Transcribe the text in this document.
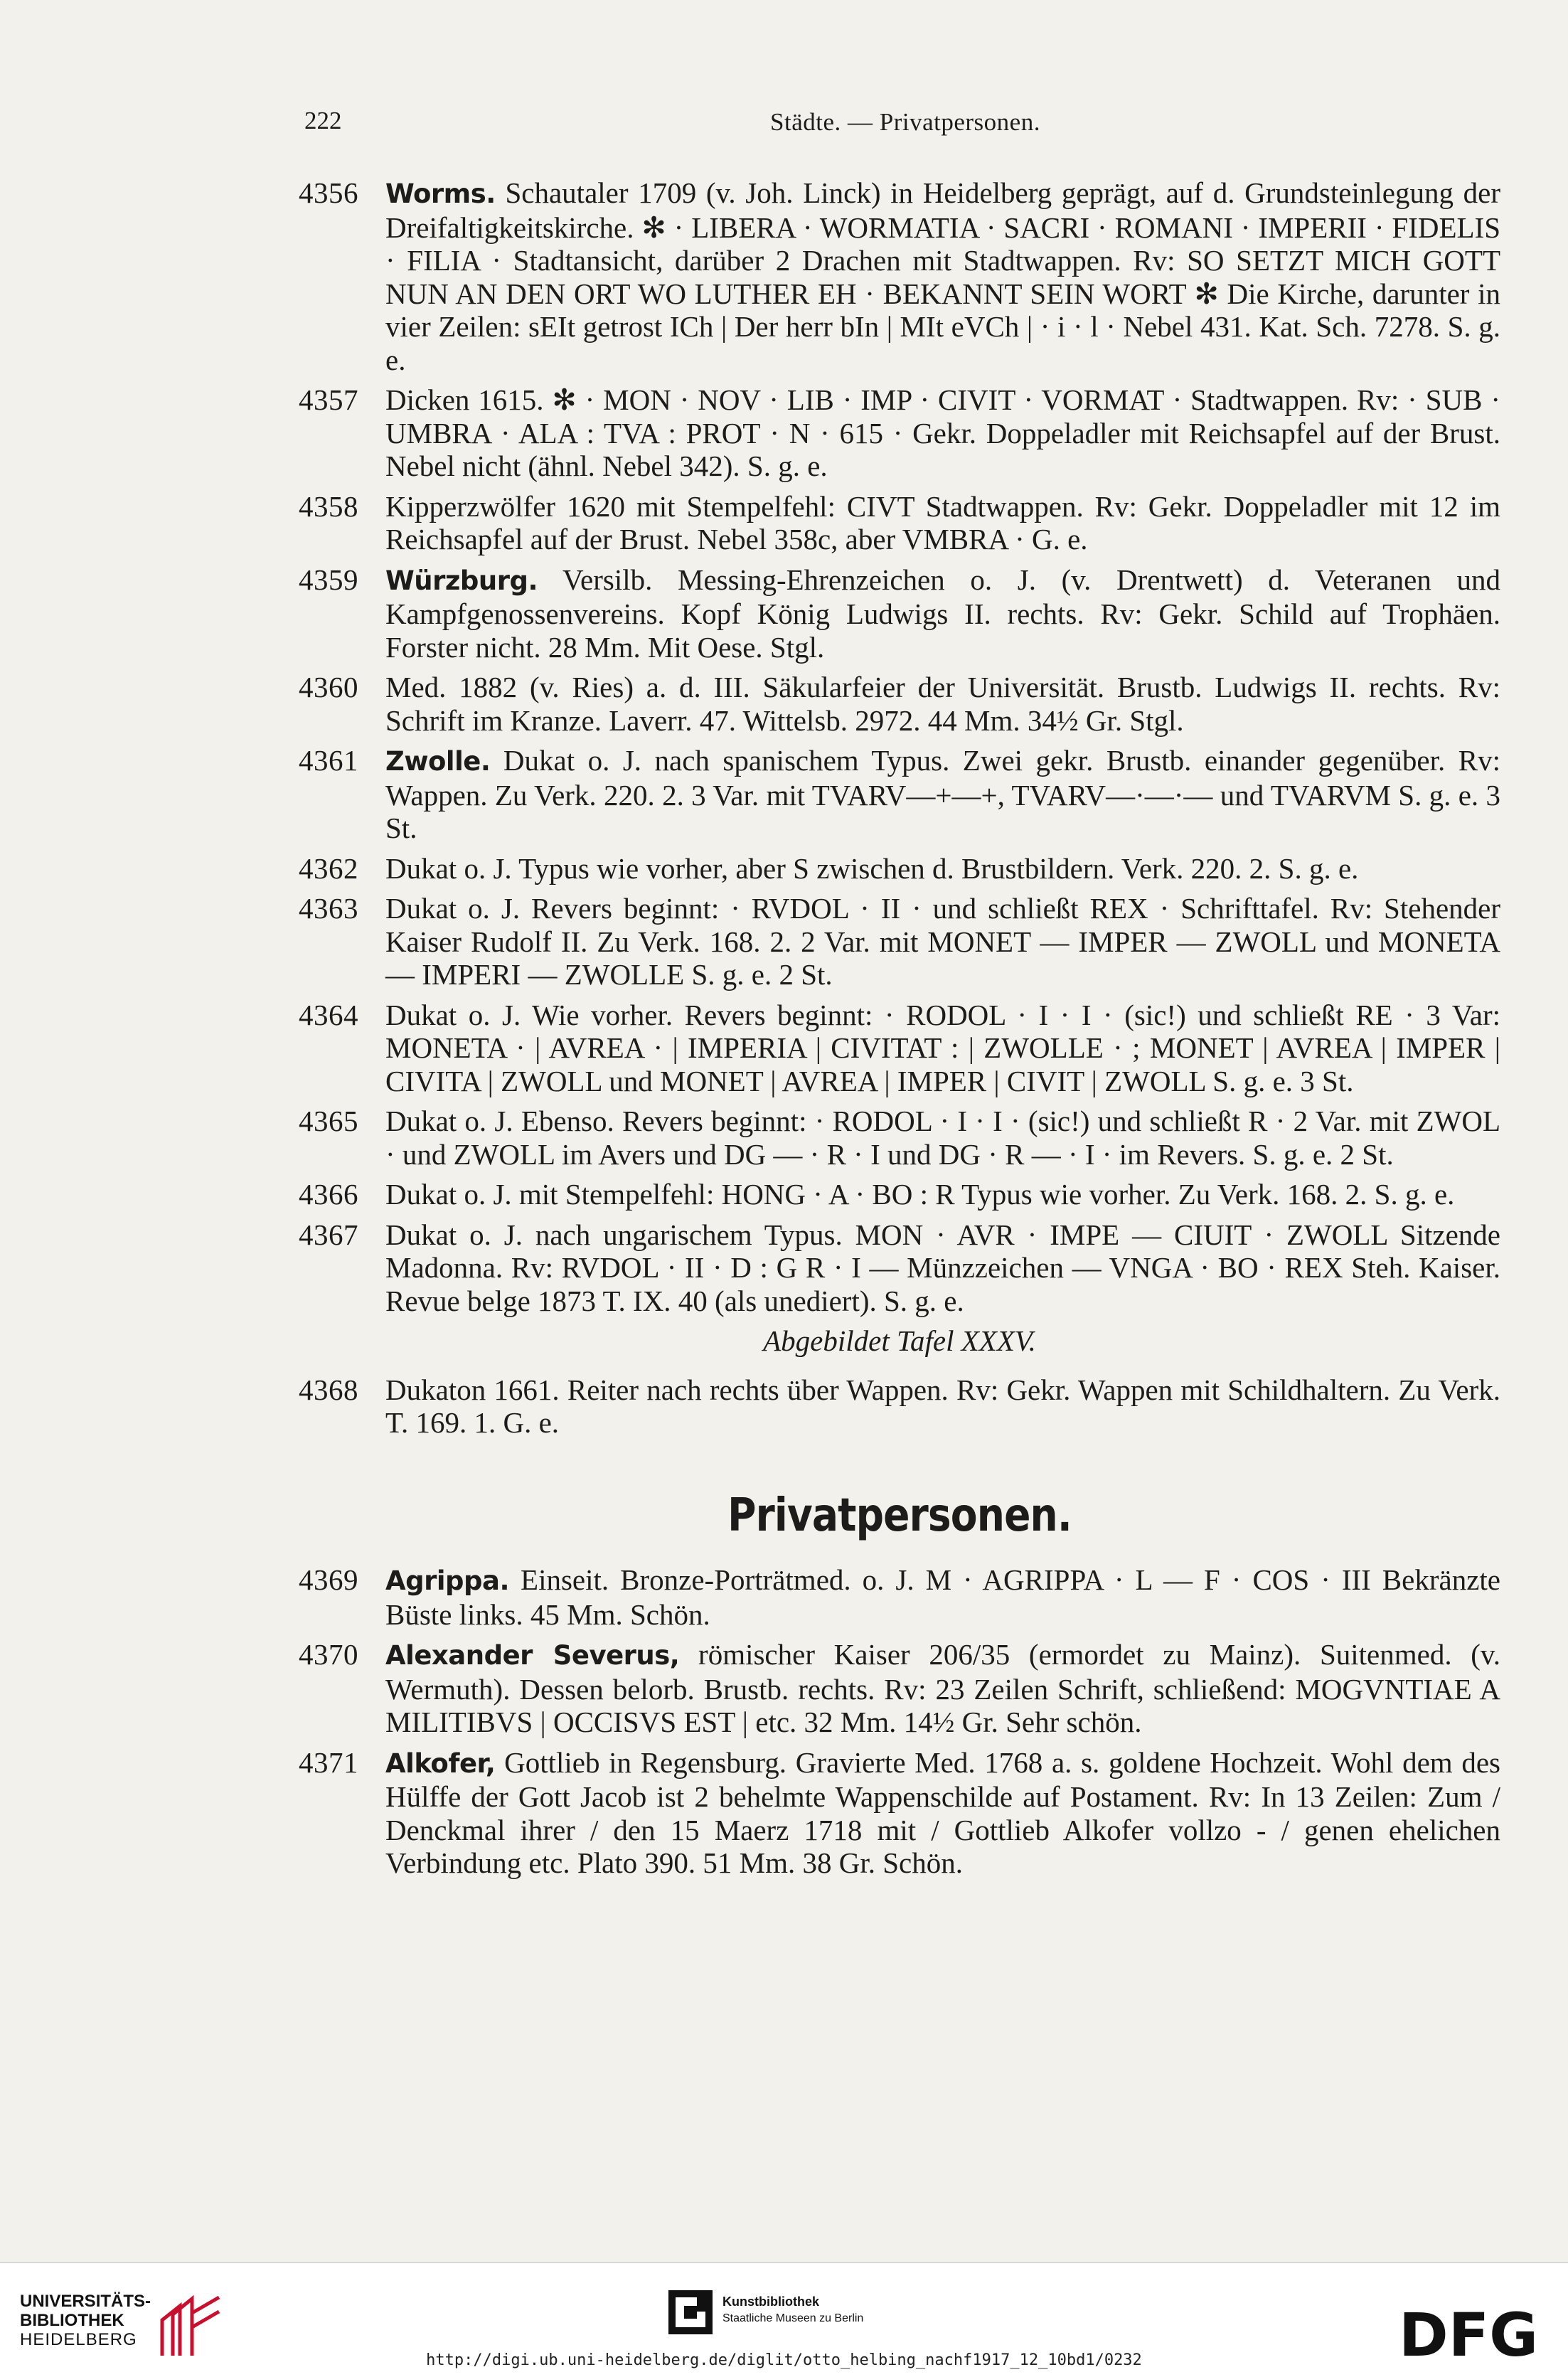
222	Städte. — Privatpersonen.
4356 Worms. Schautaler 1709 (v. Joh. Linck) in Heidelberg geprägt, auf d. Grundsteinlegung der Dreifaltigkeitskirche. ✻ · LIBERA · WORMATIA · SACRI · ROMANI · IMPERII · FIDELIS · FILIA · Stadtansicht, darüber 2 Drachen mit Stadtwappen. Rv: SO SETZT MICH GOTT NUN AN DEN ORT WO LUTHER EH · BEKANNT SEIN WORT ✻ Die Kirche, darunter in vier Zeilen: sEIt getrost ICh | Der herr bIn | MIt eVCh | · i · l · Nebel 431. Kat. Sch. 7278. S. g. e.
4357 Dicken 1615. ✻ · MON · NOV · LIB · IMP · CIVIT · VORMAT · Stadtwappen. Rv: · SUB · UMBRA · ALA : TVA : PROT · N · 615 · Gekr. Doppeladler mit Reichsapfel auf der Brust. Nebel nicht (ähnl. Nebel 342). S. g. e.
4358 Kipperzwölfer 1620 mit Stempelfehl: CIVT Stadtwappen. Rv: Gekr. Doppeladler mit 12 im Reichsapfel auf der Brust. Nebel 358c, aber VMBRA · G. e.
4359 Würzburg. Versilb. Messing-Ehrenzeichen o. J. (v. Drentwett) d. Veteranen und Kampfgenossenvereins. Kopf König Ludwigs II. rechts. Rv: Gekr. Schild auf Trophäen. Forster nicht. 28 Mm. Mit Oese. Stgl.
4360 Med. 1882 (v. Ries) a. d. III. Säkularfeier der Universität. Brustb. Ludwigs II. rechts. Rv: Schrift im Kranze. Laverr. 47. Wittelsb. 2972. 44 Mm. 34½ Gr. Stgl.
4361 Zwolle. Dukat o. J. nach spanischem Typus. Zwei gekr. Brustb. einander gegenüber. Rv: Wappen. Zu Verk. 220. 2. 3 Var. mit TVARV—+—+, TVARV—·—·— und TVARVM S. g. e. 3 St.
4362 Dukat o. J. Typus wie vorher, aber S zwischen d. Brustbildern. Verk. 220. 2. S. g. e.
4363 Dukat o. J. Revers beginnt: · RVDOL · II · und schließt REX · Schrifttafel. Rv: Stehender Kaiser Rudolf II. Zu Verk. 168. 2. 2 Var. mit MONET — IMPER — ZWOLL und MONETA — IMPERI — ZWOLLE S. g. e. 2 St.
4364 Dukat o. J. Wie vorher. Revers beginnt: · RODOL · I · I · (sic!) und schließt RE · 3 Var: MONETA · | AVREA · | IMPERIA | CIVITAT : | ZWOLLE · ; MONET | AVREA | IMPER | CIVITA | ZWOLL und MONET | AVREA | IMPER | CIVIT | ZWOLL S. g. e. 3 St.
4365 Dukat o. J. Ebenso. Revers beginnt: · RODOL · I · I · (sic!) und schließt R · 2 Var. mit ZWOL · und ZWOLL im Avers und DG — · R · I und DG · R — · I · im Revers. S. g. e. 2 St.
4366 Dukat o. J. mit Stempelfehl: HONG · A · BO : R Typus wie vorher. Zu Verk. 168. 2. S. g. e.
4367 Dukat o. J. nach ungarischem Typus. MON · AVR · IMPE — CIUIT · ZWOLL Sitzende Madonna. Rv: RVDOL · II · D : G R · I — Münzzeichen — VNGA · BO · REX Steh. Kaiser. Revue belge 1873 T. IX. 40 (als unediert). S. g. e.
Abgebildet Tafel XXXV.
4368 Dukaton 1661. Reiter nach rechts über Wappen. Rv: Gekr. Wappen mit Schildhaltern. Zu Verk. T. 169. 1. G. e.
Privatpersonen.
4369 Agrippa. Einseit. Bronze-Porträtmed. o. J. M · AGRIPPA · L — F · COS · III Bekränzte Büste links. 45 Mm. Schön.
4370 Alexander Severus, römischer Kaiser 206/35 (ermordet zu Mainz). Suitenmed. (v. Wermuth). Dessen belorb. Brustb. rechts. Rv: 23 Zeilen Schrift, schließend: MOGVNTIAE A MILITIBVS | OCCISVS EST | etc. 32 Mm. 14½ Gr. Sehr schön.
4371 Alkofer, Gottlieb in Regensburg. Gravierte Med. 1768 a. s. goldene Hochzeit. Wohl dem des Hülffe der Gott Jacob ist 2 behelmte Wappenschilde auf Postament. Rv: In 13 Zeilen: Zum / Denckmal ihrer / den 15 Maerz 1718 mit / Gottlieb Alkofer vollzo - / genen ehelichen Verbindung etc. Plato 390. 51 Mm. 38 Gr. Schön.
UNIVERSITÄTS-
BIBLIOTHEK
HEIDELBERG
Kunstbibliothek
Staatliche Museen zu Berlin	DFG
http://digi.ub.uni-heidelberg.de/diglit/otto_helbing_nachf1917_12_10bd1/0232
